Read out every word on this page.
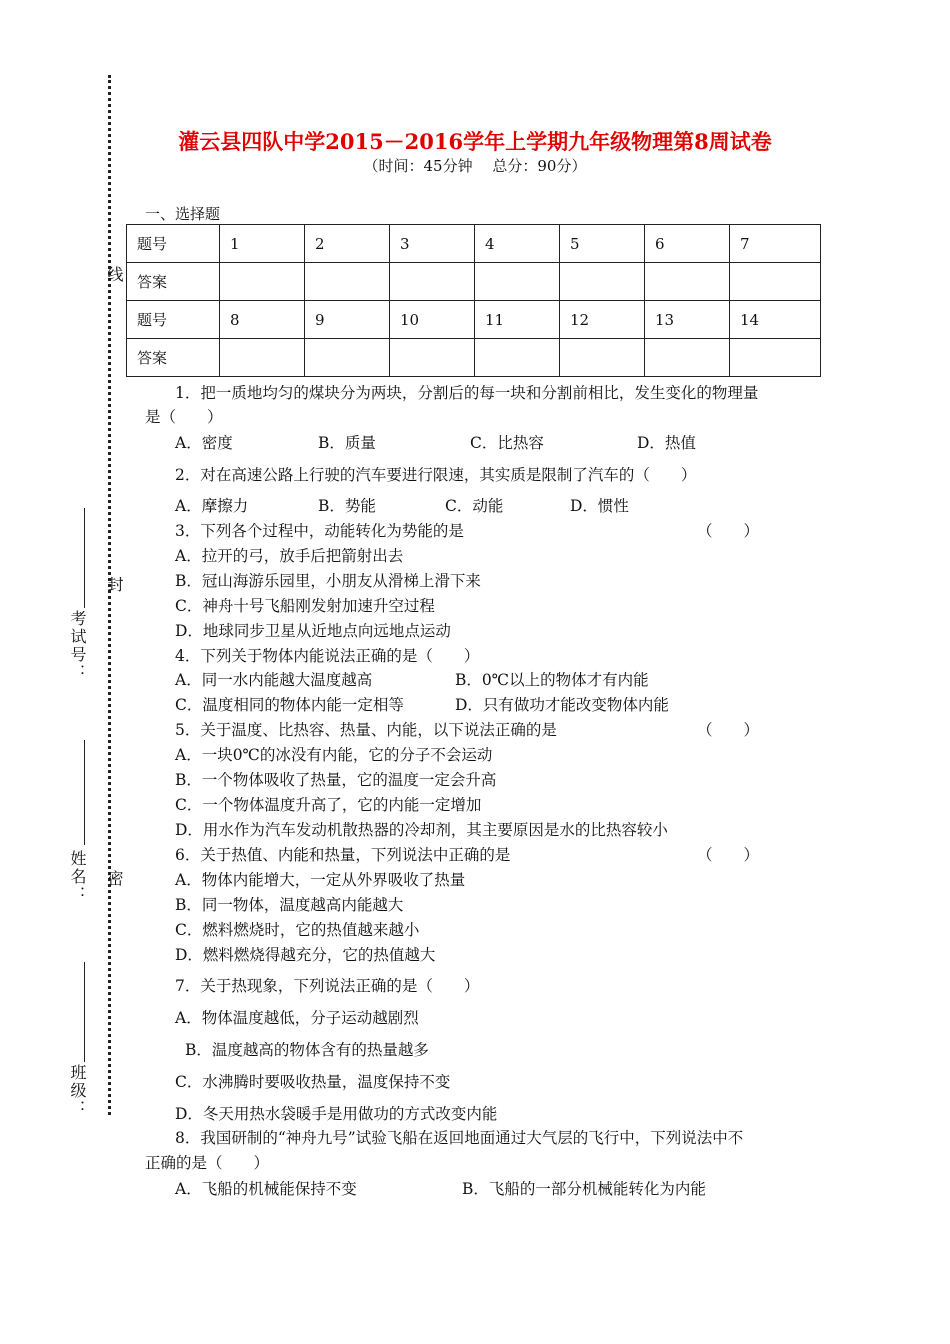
线
封
密
考试号：
姓名：
班级：
灌云县四队中学2015－2016学年上学期九年级物理第8周试卷
（时间：45分钟　 总分：90分）
一、选择题
题号	1	2	3	4	5	6	7
答案							
题号	8	9	10	11	12	13	14
答案							
1．把一质地均匀的煤块分为两块，分割后的每一块和分割前相比，发生变化的物理量
是（　　）
A．密度	B．质量	C．比热容	D．热值
2．对在高速公路上行驶的汽车要进行限速，其实质是限制了汽车的（　　）
A．摩擦力	B．势能	C．动能	D．惯性
3．下列各个过程中，动能转化为势能的是	（　　）
A．拉开的弓，放手后把箭射出去
B．冠山海游乐园里，小朋友从滑梯上滑下来
C．神舟十号飞船刚发射加速升空过程
D．地球同步卫星从近地点向远地点运动
4．下列关于物体内能说法正确的是（　　）
A．同一水内能越大温度越高	B．0℃以上的物体才有内能
C．温度相同的物体内能一定相等	D．只有做功才能改变物体内能
5．关于温度、比热容、热量、内能，以下说法正确的是	（　　）
A．一块0℃的冰没有内能，它的分子不会运动
B．一个物体吸收了热量，它的温度一定会升高
C．一个物体温度升高了，它的内能一定增加
D．用水作为汽车发动机散热器的冷却剂，其主要原因是水的比热容较小
6．关于热值、内能和热量，下列说法中正确的是	（　　）
A．物体内能增大，一定从外界吸收了热量
B．同一物体，温度越高内能越大
C．燃料燃烧时，它的热值越来越小
D．燃料燃烧得越充分，它的热值越大
7．关于热现象，下列说法正确的是（　　）
A．物体温度越低，分子运动越剧烈
B．温度越高的物体含有的热量越多
C．水沸腾时要吸收热量，温度保持不变
D．冬天用热水袋暖手是用做功的方式改变内能
8．我国研制的“神舟九号”试验飞船在返回地面通过大气层的飞行中，下列说法中不
正确的是（　　）
A．飞船的机械能保持不变	B．飞船的一部分机械能转化为内能
